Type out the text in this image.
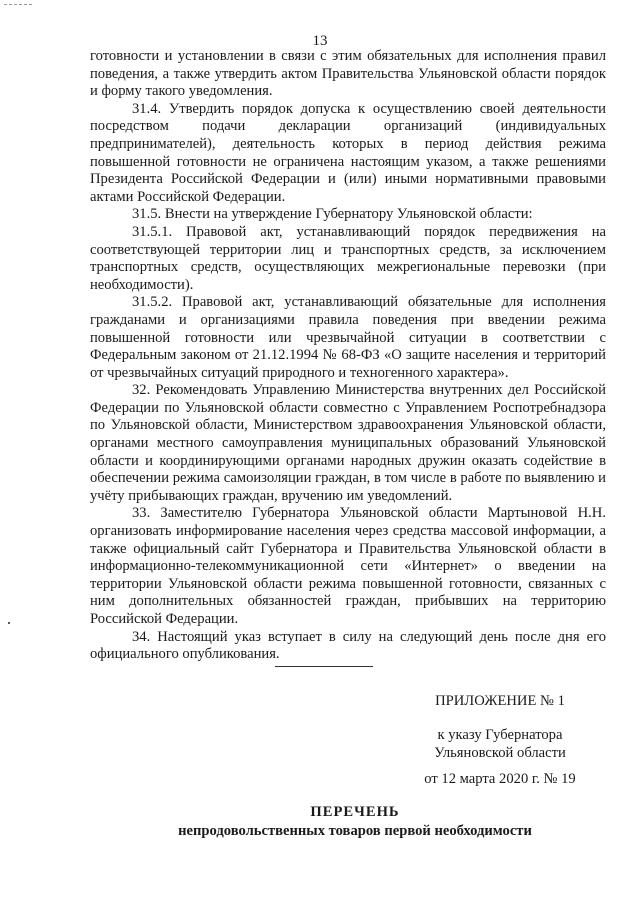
13

готовности и установлении в связи с этим обязательных для исполнения правил поведения, а также утвердить актом Правительства Ульяновской области порядок и форму такого уведомления.

31.4. Утвердить порядок допуска к осуществлению своей деятельности посредством подачи декларации организаций (индивидуальных предпринимателей), деятельность которых в период действия режима повышенной готовности не ограничена настоящим указом, а также решениями Президента Российской Федерации и (или) иными нормативными правовыми актами Российской Федерации.

31.5. Внести на утверждение Губернатору Ульяновской области:

31.5.1. Правовой акт, устанавливающий порядок передвижения на соответствующей территории лиц и транспортных средств, за исключением транспортных средств, осуществляющих межрегиональные перевозки (при необходимости).

31.5.2. Правовой акт, устанавливающий обязательные для исполнения гражданами и организациями правила поведения при введении режима повышенной готовности или чрезвычайной ситуации в соответствии с Федеральным законом от 21.12.1994 № 68-ФЗ «О защите населения и территорий от чрезвычайных ситуаций природного и техногенного характера».

32. Рекомендовать Управлению Министерства внутренних дел Российской Федерации по Ульяновской области совместно с Управлением Роспотребнадзора по Ульяновской области, Министерством здравоохранения Ульяновской области, органами местного самоуправления муниципальных образований Ульяновской области и координирующими органами народных дружин оказать содействие в обеспечении режима самоизоляции граждан, в том числе в работе по выявлению и учёту прибывающих граждан, вручению им уведомлений.

33. Заместителю Губернатора Ульяновской области Мартыновой Н.Н. организовать информирование населения через средства массовой информации, а также официальный сайт Губернатора и Правительства Ульяновской области в информационно-телекоммуникационной сети «Интернет» о введении на территории Ульяновской области режима повышенной готовности, связанных с ним дополнительных обязанностей граждан, прибывших на территорию Российской Федерации.

34. Настоящий указ вступает в силу на следующий день после дня его официального опубликования.

ПРИЛОЖЕНИЕ № 1
к указу Губернатора
Ульяновской области
от 12 марта 2020 г. № 19
ПЕРЕЧЕНЬ
непродовольственных товаров первой необходимости
